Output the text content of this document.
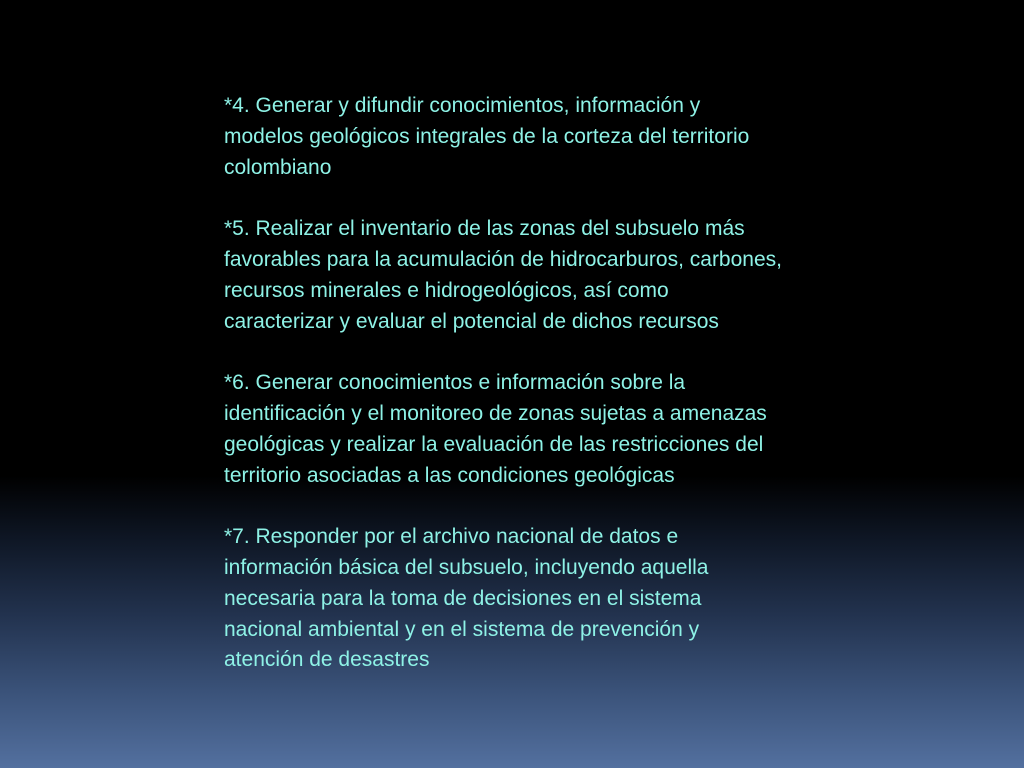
*4. Generar y difundir conocimientos, información y modelos geológicos integrales de la corteza del territorio colombiano

*5. Realizar el inventario de las zonas del subsuelo más favorables para la acumulación de hidrocarburos, carbones, recursos minerales e hidrogeológicos, así como caracterizar y evaluar el potencial de dichos recursos

*6. Generar conocimientos e información sobre la identificación y el monitoreo de zonas sujetas a amenazas geológicas y realizar la evaluación de las restricciones del territorio asociadas a las condiciones geológicas

*7. Responder por el archivo nacional de datos e información básica del subsuelo, incluyendo aquella necesaria para la toma de decisiones en el sistema nacional ambiental y en el sistema de prevención y atención de desastres
